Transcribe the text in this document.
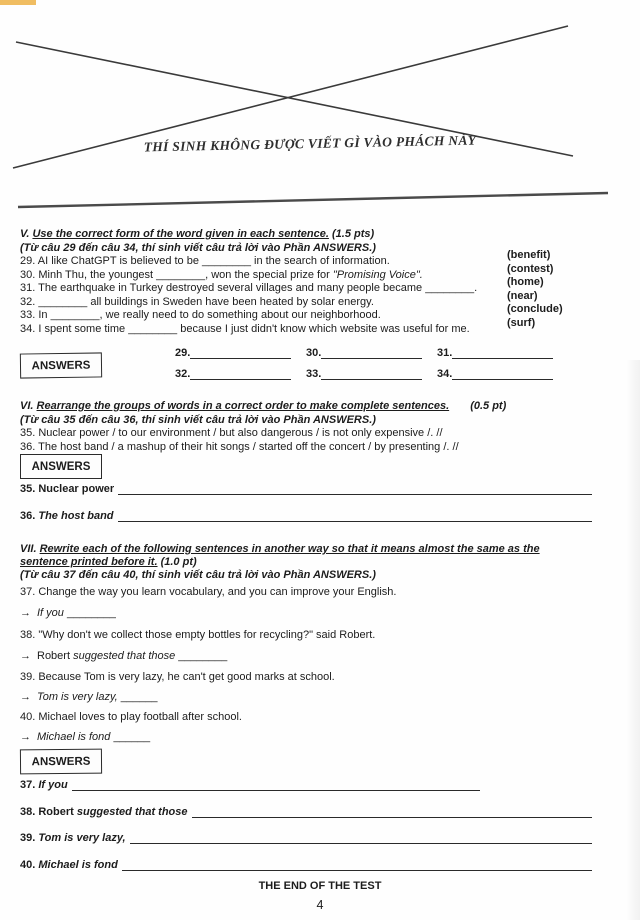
THÍ SINH KHÔNG ĐƯỢC VIẾT GÌ VÀO PHÁCH NÀY
V. Use the correct form of the word given in each sentence. (1.5 pts)
(Từ câu 29 đến câu 34, thí sinh viết câu trả lời vào Phần ANSWERS.)
29. AI like ChatGPT is believed to be ________ in the search of information.
30. Minh Thu, the youngest ________, won the special prize for "Promising Voice".
31. The earthquake in Turkey destroyed several villages and many people became ________.
32. ________ all buildings in Sweden have been heated by solar energy.
33. In ________, we really need to do something about our neighborhood.
34. I spent some time ________ because I just didn't know which website was useful for me.
(benefit)
(contest)
(home)
(near)
(conclude)
(surf)
ANSWERS
29.	30.	31.
32.	33.	34.
VI. Rearrange the groups of words in a correct order to make complete sentences. (0.5 pt)
(Từ câu 35 đến câu 36, thí sinh viết câu trả lời vào Phần ANSWERS.)
35. Nuclear power / to our environment / but also dangerous / is not only expensive /. //
36. The host band / a mashup of their hit songs / started off the concert / by presenting /. //
ANSWERS
35. Nuclear power
36. The host band
VII. Rewrite each of the following sentences in another way so that it means almost the same as the
sentence printed before it. (1.0 pt)
(Từ câu 37 đến câu 40, thí sinh viết câu trả lời vào Phần ANSWERS.)
37. Change the way you learn vocabulary, and you can improve your English.
→ If you ________
38. "Why don't we collect those empty bottles for recycling?" said Robert.
→ Robert suggested that those ________
39. Because Tom is very lazy, he can't get good marks at school.
→ Tom is very lazy, ______
40. Michael loves to play football after school.
→ Michael is fond ______
ANSWERS
37. If you
38. Robert suggested that those
39. Tom is very lazy,
40. Michael is fond
THE END OF THE TEST
4
